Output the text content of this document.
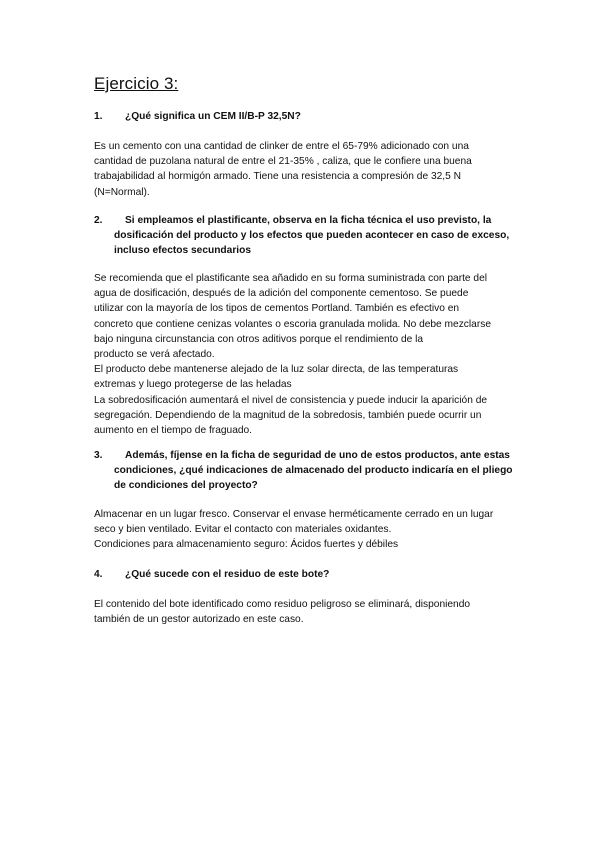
Ejercicio 3:
1.	¿Qué significa un CEM II/B-P 32,5N?
Es un cemento con una cantidad de clinker de entre el 65-79% adicionado con una
cantidad de puzolana natural de entre el 21-35% , caliza, que le confiere una buena
trabajabilidad al hormigón armado. Tiene una resistencia a compresión de 32,5 N
(N=Normal).
2.	Si empleamos el plastificante, observa en la ficha técnica el uso previsto, la
dosificación del producto y los efectos que pueden acontecer en caso de exceso,
incluso efectos secundarios
Se recomienda que el plastificante sea añadido en su forma suministrada con parte del
agua de dosificación, después de la adición del componente cementoso. Se puede
utilizar con la mayoría de los tipos de cementos Portland. También es efectivo en
concreto que contiene cenizas volantes o escoria granulada molida. No debe mezclarse
bajo ninguna circunstancia con otros aditivos porque el rendimiento de la
producto se verá afectado.
El producto debe mantenerse alejado de la luz solar directa, de las temperaturas
extremas y luego protegerse de las heladas
La sobredosificación aumentará el nivel de consistencia y puede inducir la aparición de
segregación. Dependiendo de la magnitud de la sobredosis, también puede ocurrir un
aumento en el tiempo de fraguado.
3.	Además, fíjense en la ficha de seguridad de uno de estos productos, ante estas
condiciones, ¿qué indicaciones de almacenado del producto indicaría en el pliego
de condiciones del proyecto?
Almacenar en un lugar fresco. Conservar el envase herméticamente cerrado en un lugar
seco y bien ventilado. Evitar el contacto con materiales oxidantes.
Condiciones para almacenamiento seguro: Ácidos fuertes y débiles
4.	¿Qué sucede con el residuo de este bote?
El contenido del bote identificado como residuo peligroso se eliminará, disponiendo
también de un gestor autorizado en este caso.
